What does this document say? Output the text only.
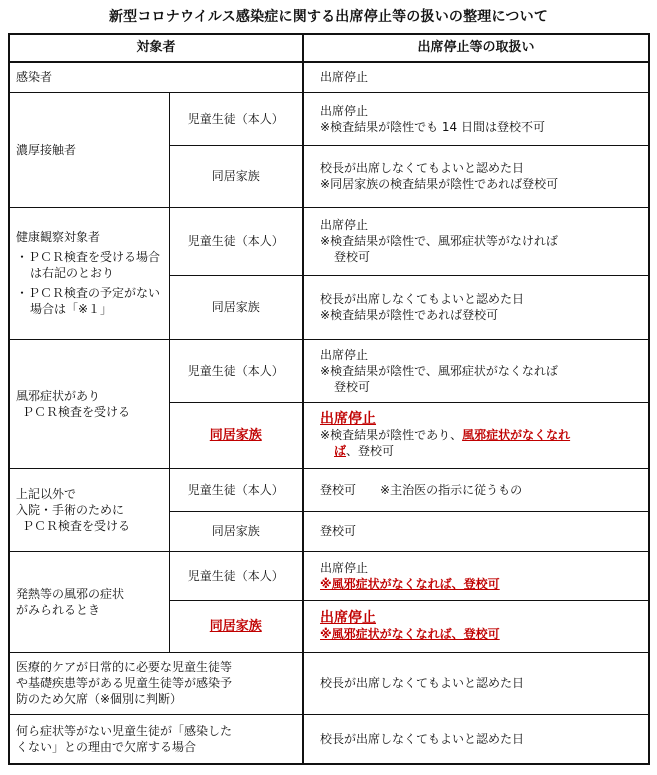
新型コロナウイルス感染症に関する出席停止等の扱いの整理について
対象者		出席停止等の取扱い
感染者		出席停止
濃厚接触者	児童生徒（本人）	出席停止
※検査結果が陰性でも 14 日間は登校不可

	同居家族	校長が出席しなくてもよいと認めた日
※同居家族の検査結果が陰性であれば登校可

健康観察対象者
・ＰＣＲ検査を受ける場合は右記のとおり
・ＰＣＲ検査の予定がない場合は「※１」	児童生徒（本人）	出席停止
※検査結果が陰性で、風邪症状等がなければ
登校可

	同居家族	校長が出席しなくてもよいと認めた日
※検査結果が陰性であれば登校可

風邪症状があり
ＰＣＲ検査を受ける	児童生徒（本人）	出席停止
※検査結果が陰性で、風邪症状がなくなれば
登校可

	同居家族	出席停止
※検査結果が陰性であり、風邪症状がなくなれ
ば、登校可

上記以外で
入院・手術のために
ＰＣＲ検査を受ける	児童生徒（本人）	登校可　　※主治医の指示に従うもの
	同居家族	登校可

発熱等の風邪の症状
がみられるとき	児童生徒（本人）	出席停止
※風邪症状がなくなれば、登校可

	同居家族	出席停止
※風邪症状がなくなれば、登校可

医療的ケアが日常的に必要な児童生徒等
や基礎疾患等がある児童生徒等が感染予
防のため欠席（※個別に判断）		校長が出席しなくてもよいと認めた日

何ら症状等がない児童生徒が「感染した
くない」との理由で欠席する場合		校長が出席しなくてもよいと認めた日
